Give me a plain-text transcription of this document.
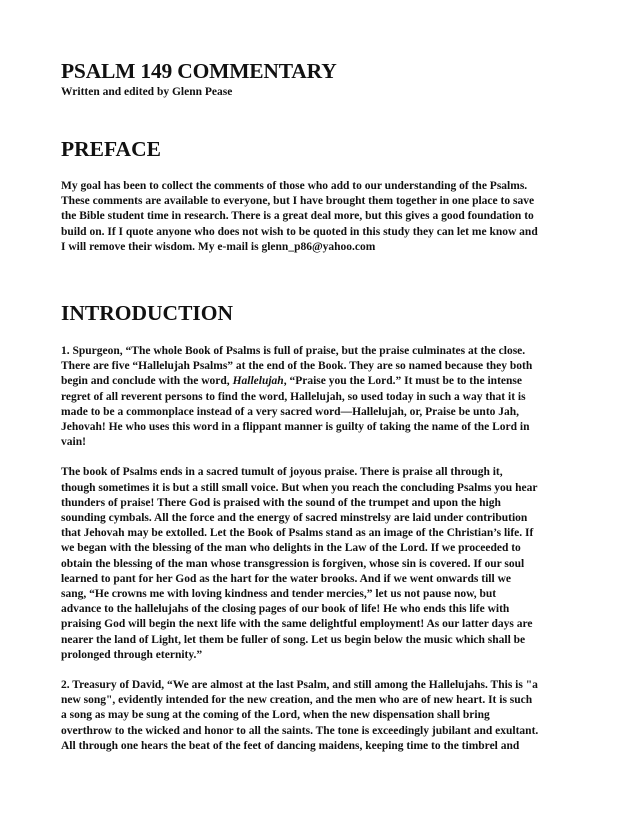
PSALM 149 COMMENTARY

Written and edited by Glenn Pease

PREFACE

My goal has been to collect the comments of those who add to our understanding of the Psalms.
These comments are available to everyone, but I have brought them together in one place to save
the Bible student time in research. There is a great deal more, but this gives a good foundation to
build on. If I quote anyone who does not wish to be quoted in this study they can let me know and
I will remove their wisdom. My e-mail is glenn_p86@yahoo.com

INTRODUCTION

1. Spurgeon, “The whole Book of Psalms is full of praise, but the praise culminates at the close.
There are five “Hallelujah Psalms” at the end of the Book. They are so named because they both
begin and conclude with the word, Hallelujah, “Praise you the Lord.” It must be to the intense
regret of all reverent persons to find the word, Hallelujah, so used today in such a way that it is
made to be a commonplace instead of a very sacred word—Hallelujah, or, Praise be unto Jah,
Jehovah! He who uses this word in a flippant manner is guilty of taking the name of the Lord in
vain!

The book of Psalms ends in a sacred tumult of joyous praise. There is praise all through it,
though sometimes it is but a still small voice. But when you reach the concluding Psalms you hear
thunders of praise! There God is praised with the sound of the trumpet and upon the high
sounding cymbals. All the force and the energy of sacred minstrelsy are laid under contribution
that Jehovah may be extolled. Let the Book of Psalms stand as an image of the Christian’s life. If
we began with the blessing of the man who delights in the Law of the Lord. If we proceeded to
obtain the blessing of the man whose transgression is forgiven, whose sin is covered. If our soul
learned to pant for her God as the hart for the water brooks. And if we went onwards till we
sang, “He crowns me with loving kindness and tender mercies,” let us not pause now, but
advance to the hallelujahs of the closing pages of our book of life! He who ends this life with
praising God will begin the next life with the same delightful employment! As our latter days are
nearer the land of Light, let them be fuller of song. Let us begin below the music which shall be
prolonged through eternity.”

2. Treasury of David, “We are almost at the last Psalm, and still among the Hallelujahs. This is "a
new song", evidently intended for the new creation, and the men who are of new heart. It is such
a song as may be sung at the coming of the Lord, when the new dispensation shall bring
overthrow to the wicked and honor to all the saints. The tone is exceedingly jubilant and exultant.
All through one hears the beat of the feet of dancing maidens, keeping time to the timbrel and
